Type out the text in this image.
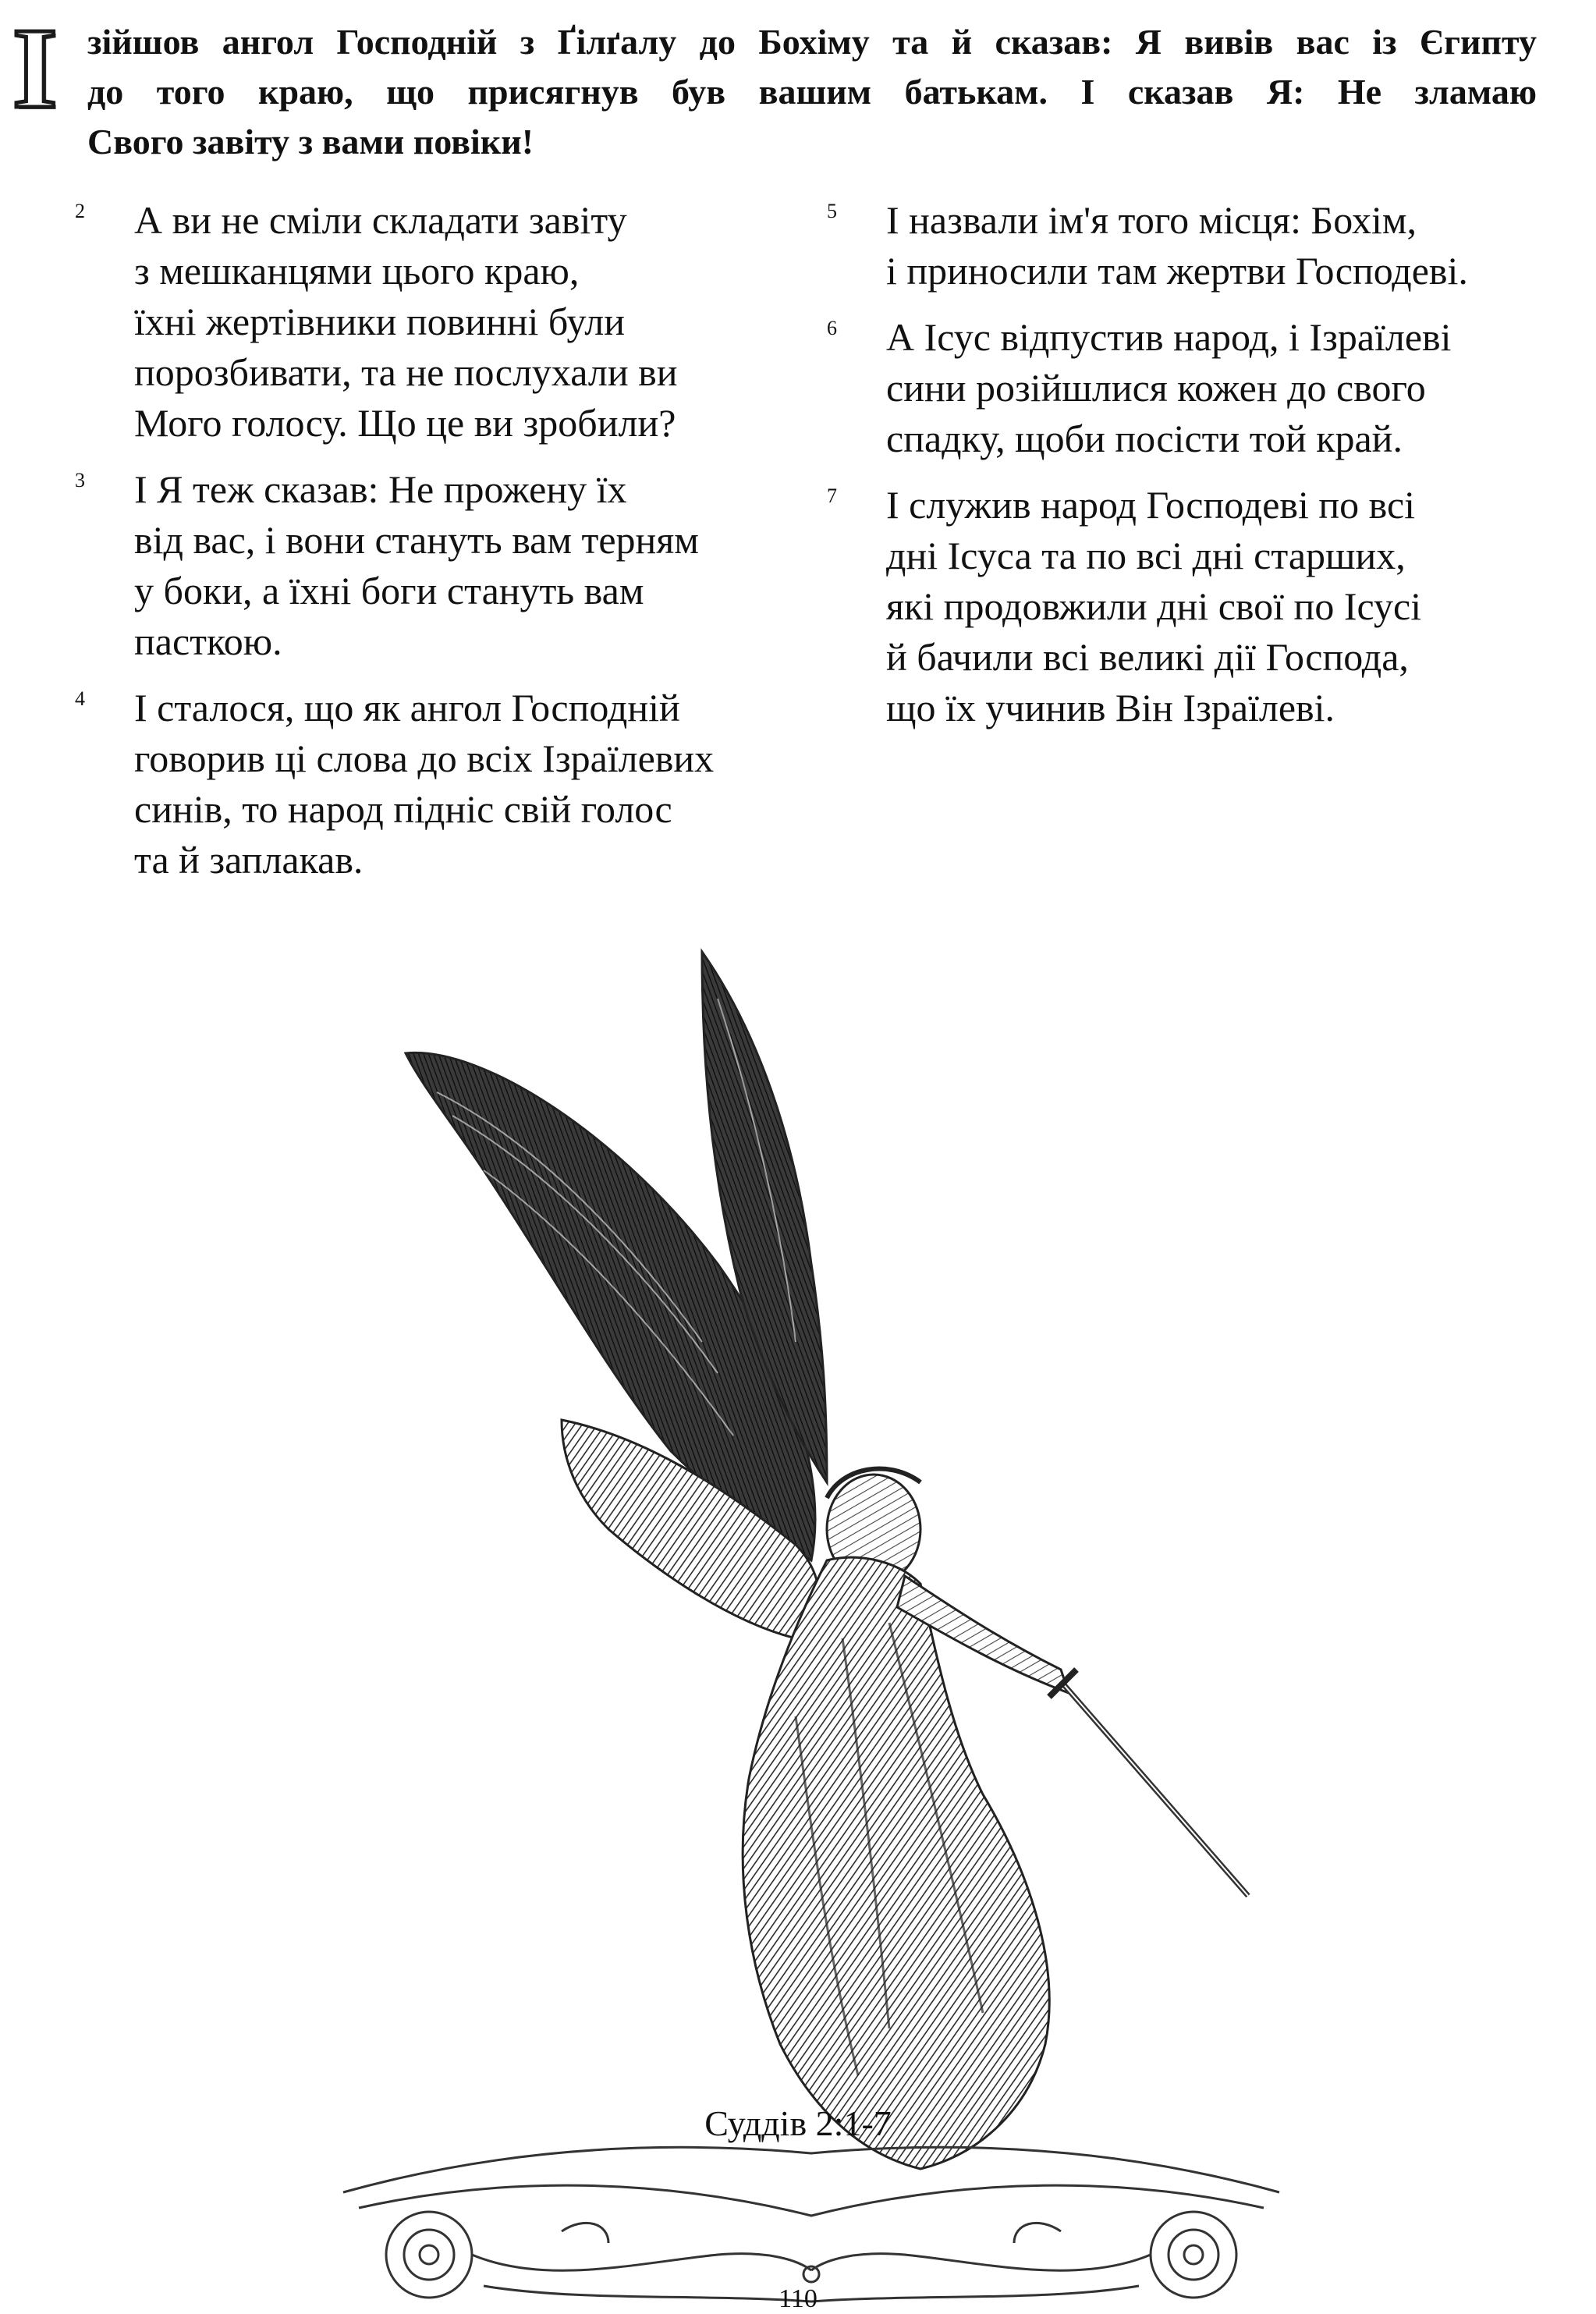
І зійшов ангол Господній з Ґілґалу до Бохіму та й сказав: Я вивів вас із Єгипту
до того краю, що присягнув був вашим батькам. І сказав Я: Не зламаю
Свого завіту з вами повіки!
2 А ви не сміли складати завіту
з мешканцями цього краю,
їхні жертівники повинні були
порозбивати, та не послухали ви
Мого голосу. Що це ви зробили?
3 І Я теж сказав: Не прожену їх
від вас, і вони стануть вам терням
у боки, а їхні боги стануть вам
пасткою.
4 І сталося, що як ангол Господній
говорив ці слова до всіх Ізраїлевих
синів, то народ підніс свій голос
та й заплакав.
5 І назвали ім'я того місця: Бохім,
і приносили там жертви Господеві.
6 А Ісус відпустив народ, і Ізраїлеві
сини розійшлися кожен до свого
спадку, щоби посісти той край.
7 І служив народ Господеві по всі
дні Ісуса та по всі дні старших,
які продовжили дні свої по Ісусі
й бачили всі великі дії Господа,
що їх учинив Він Ізраїлеві.
Суддів 2:1-7
110
